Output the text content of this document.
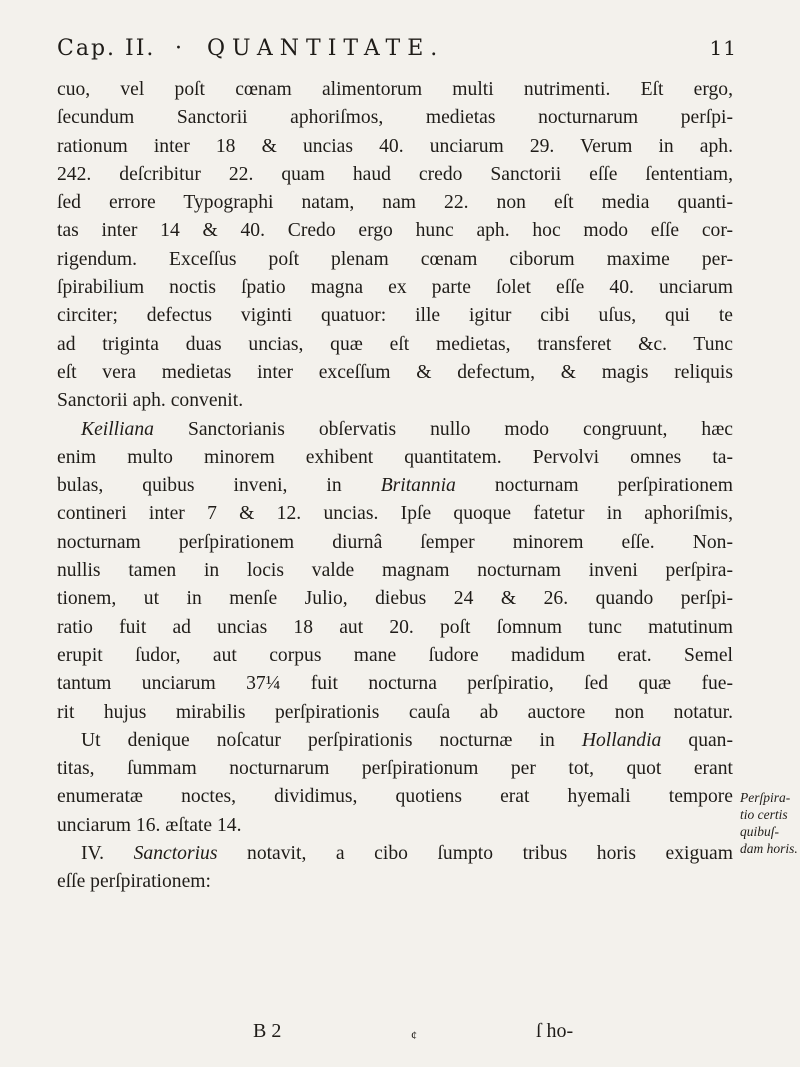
Cap. II. · QUANTITATE.	11
cuo, vel poſt cœnam alimentorum multi nutrimenti. Eſt ergo,
ſecundum Sanctorii aphoriſmos, medietas nocturnarum perſpi-
rationum inter 18 & uncias 40. unciarum 29. Verum in aph.
242. deſcribitur 22. quam haud credo Sanctorii eſſe ſententiam,
ſed errore Typographi natam, nam 22. non eſt media quanti-
tas inter 14 & 40. Credo ergo hunc aph. hoc modo eſſe cor-
rigendum. Exceſſus poſt plenam cœnam ciborum maxime per-
ſpirabilium noctis ſpatio magna ex parte ſolet eſſe 40. unciarum
circiter; defectus viginti quatuor: ille igitur cibi uſus, qui te
ad triginta duas uncias, quæ eſt medietas, transferet &c. Tunc
eſt vera medietas inter exceſſum & defectum, & magis reliquis
Sanctorii aph. convenit.
Keilliana Sanctorianis obſervatis nullo modo congruunt, hæc
enim multo minorem exhibent quantitatem. Pervolvi omnes ta-
bulas, quibus inveni, in Britannia nocturnam perſpirationem
contineri inter 7 & 12. uncias. Ipſe quoque fatetur in aphoriſmis,
nocturnam perſpirationem diurnâ ſemper minorem eſſe. Non-
nullis tamen in locis valde magnam nocturnam inveni perſpira-
tionem, ut in menſe Julio, diebus 24 & 26. quando perſpi-
ratio fuit ad uncias 18 aut 20. poſt ſomnum tunc matutinum
erupit ſudor, aut corpus mane ſudore madidum erat. Semel
tantum unciarum 37¼ fuit nocturna perſpiratio, ſed quæ fue-
rit hujus mirabilis perſpirationis cauſa ab auctore non notatur.
Ut denique noſcatur perſpirationis nocturnæ in Hollandia quan-
titas, ſummam nocturnarum perſpirationum per tot, quot erant
enumeratæ noctes, dividimus, quotiens erat hyemali tempore
unciarum 16. æſtate 14.
IV. Sanctorius notavit, a cibo ſumpto tribus horis exiguam
eſſe perſpirationem:
Perſpira-
tio certis
quibuſ-
dam horis.
B 2	¢	ſ ho-
